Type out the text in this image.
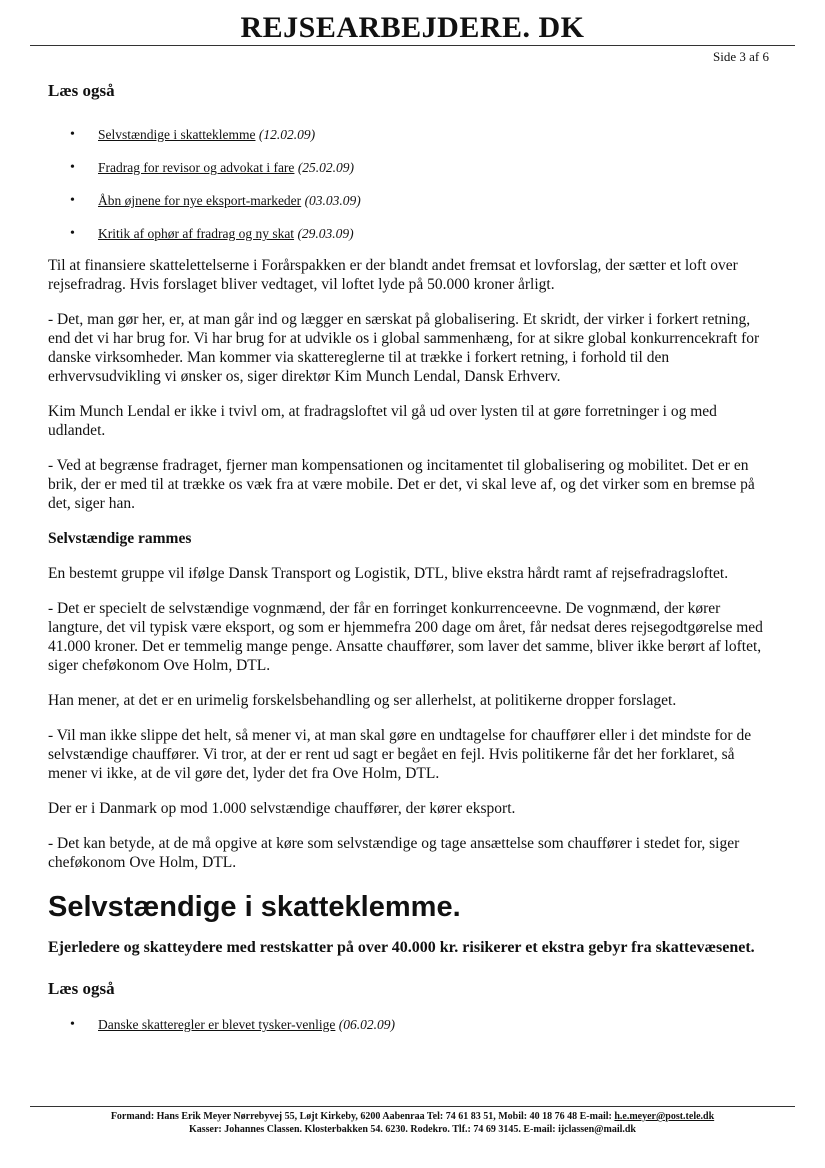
REJSEARBEJDERE. DK
Side 3 af 6
Læs også
• Selvstændige i skatteklemme (12.02.09)
• Fradrag for revisor og advokat i fare (25.02.09)
• Åbn øjnene for nye eksport-markeder (03.03.09)
• Kritik af ophør af fradrag og ny skat (29.03.09)

Til at finansiere skattelettelserne i Forårspakken er der blandt andet fremsat et lovforslag, der sætter et loft over rejsefradrag. Hvis forslaget bliver vedtaget, vil loftet lyde på 50.000 kroner årligt.

- Det, man gør her, er, at man går ind og lægger en særskat på globalisering. Et skridt, der virker i forkert retning, end det vi har brug for. Vi har brug for at udvikle os i global sammenhæng, for at sikre global konkurrencekraft for danske virksomheder. Man kommer via skattereglerne til at trække i forkert retning, i forhold til den erhvervsudvikling vi ønsker os, siger direktør Kim Munch Lendal, Dansk Erhverv.

Kim Munch Lendal er ikke i tvivl om, at fradragsloftet vil gå ud over lysten til at gøre forretninger i og med udlandet.

- Ved at begrænse fradraget, fjerner man kompensationen og incitamentet til globalisering og mobilitet. Det er en brik, der er med til at trække os væk fra at være mobile. Det er det, vi skal leve af, og det virker som en bremse på det, siger han.

Selvstændige rammes

En bestemt gruppe vil ifølge Dansk Transport og Logistik, DTL, blive ekstra hårdt ramt af rejsefradragsloftet.

- Det er specielt de selvstændige vognmænd, der får en forringet konkurrenceevne. De vognmænd, der kører langture, det vil typisk være eksport, og som er hjemmefra 200 dage om året, får nedsat deres rejsegodtgørelse med 41.000 kroner. Det er temmelig mange penge. Ansatte chauffører, som laver det samme, bliver ikke berørt af loftet, siger cheføkonom Ove Holm, DTL.

Han mener, at det er en urimelig forskelsbehandling og ser allerhelst, at politikerne dropper forslaget.

- Vil man ikke slippe det helt, så mener vi, at man skal gøre en undtagelse for chauffører eller i det mindste for de selvstændige chauffører. Vi tror, at der er rent ud sagt er begået en fejl. Hvis politikerne får det her forklaret, så mener vi ikke, at de vil gøre det, lyder det fra Ove Holm, DTL.

Der er i Danmark op mod 1.000 selvstændige chauffører, der kører eksport.

- Det kan betyde, at de må opgive at køre som selvstændige og tage ansættelse som chauffører i stedet for, siger cheføkonom Ove Holm, DTL.

Selvstændige i skatteklemme.

Ejerledere og skatteydere med restskatter på over 40.000 kr. risikerer et ekstra gebyr fra skattevæsenet.

Læs også
• Danske skatteregler er blevet tysker-venlige (06.02.09)
Formand: Hans Erik Meyer Nørrebyvej 55, Løjt Kirkeby, 6200 Aabenraa Tel: 74 61 83 51, Mobil: 40 18 76 48 E-mail: h.e.meyer@post.tele.dk
Kasser: Johannes Classen. Klosterbakken 54. 6230. Rodekro. Tlf.: 74 69 3145. E-mail: ijclassen@mail.dk
